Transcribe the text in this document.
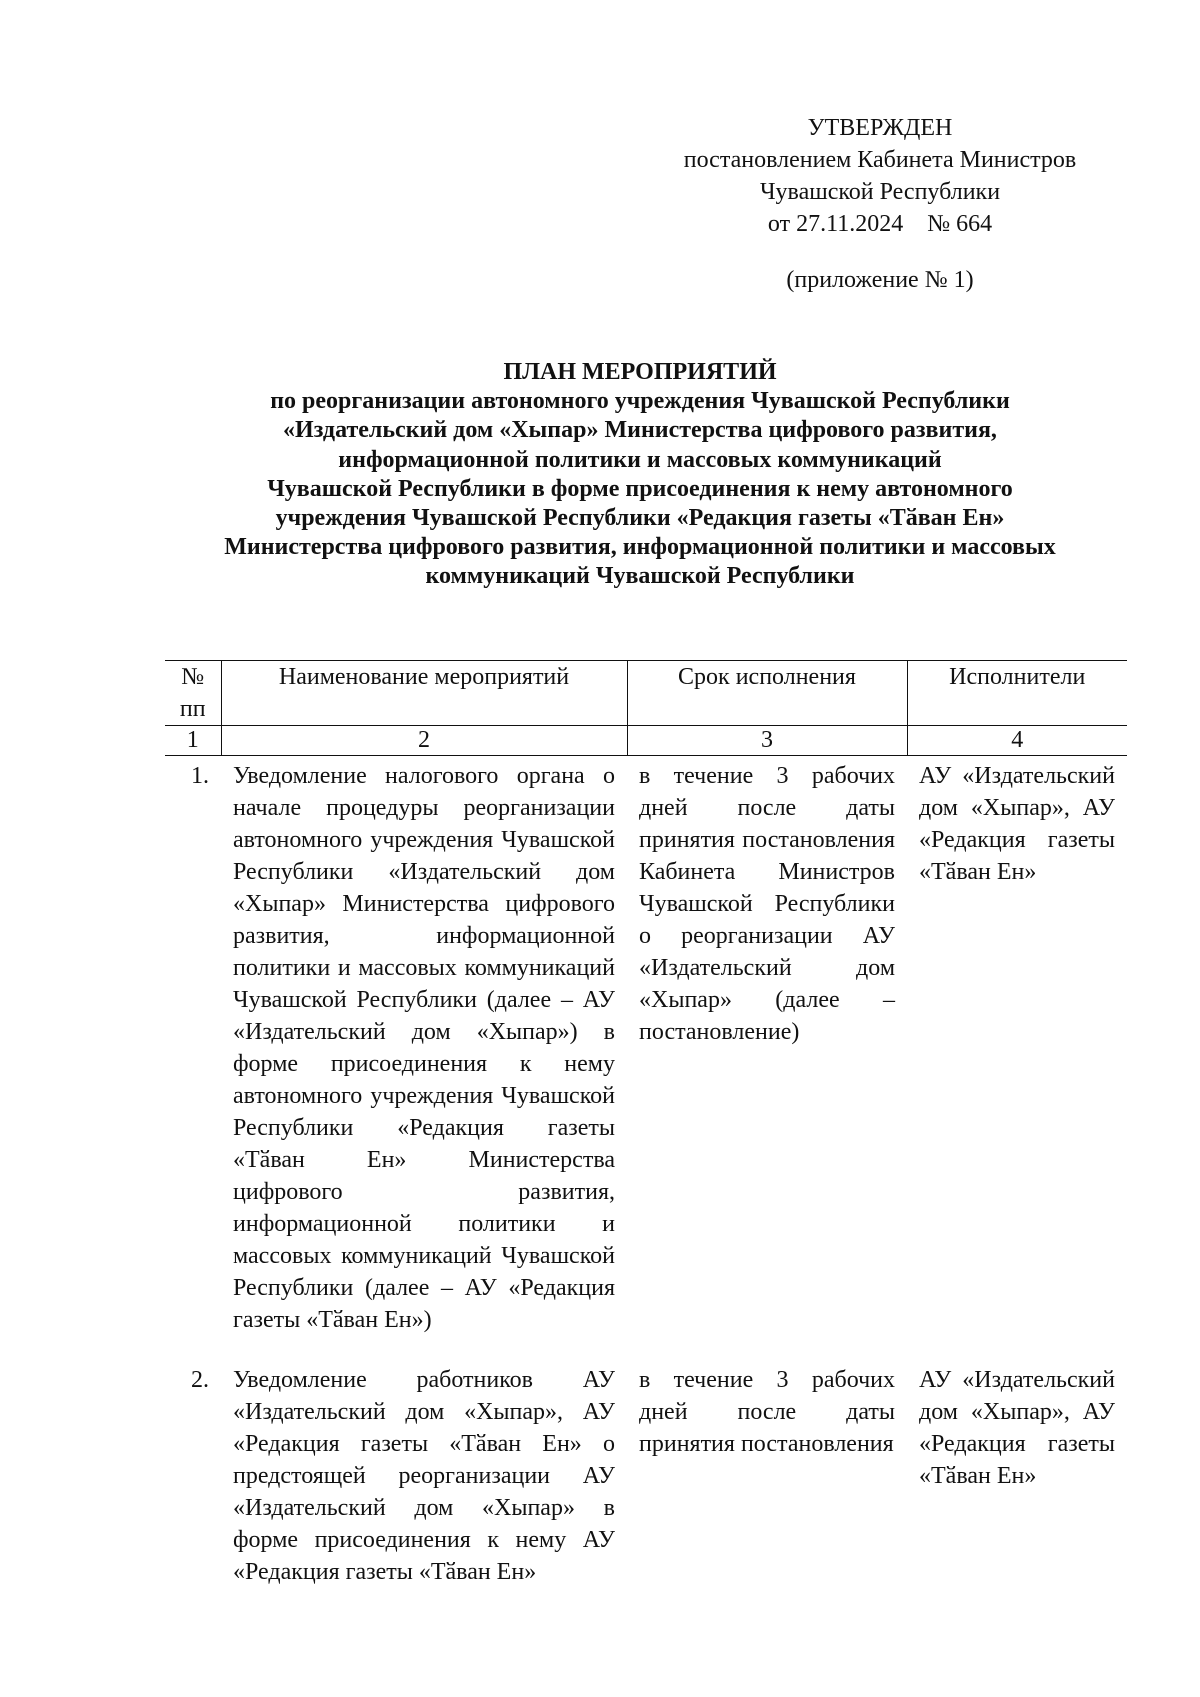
УТВЕРЖДЕН
постановлением Кабинета Министров
Чувашской Республики
от 27.11.2024    № 664
(приложение № 1)
ПЛАН МЕРОПРИЯТИЙ
по реорганизации автономного учреждения Чувашской Республики
«Издательский дом «Хыпар» Министерства цифрового развития,
информационной политики и массовых коммуникаций
Чувашской Республики в форме присоединения к нему автономного
учреждения Чувашской Республики «Редакция газеты «Тӑван Ен»
Министерства цифрового развития, информационной политики и массовых
коммуникаций Чувашской Республики
№ пп	Наименование мероприятий	Срок исполнения	Исполнители
1	2	3	4
1.	Уведомление налогового органа о начале процедуры реорганизации автономного учреждения Чувашской Республики «Издательский дом «Хыпар» Министерства цифрового развития, информационной политики и массовых коммуникаций Чувашской Республики (далее – АУ «Издательский дом «Хыпар») в форме присоединения к нему автономного учреждения Чувашской Республики «Редакция газеты «Тӑван Ен» Министерства цифрового развития, информационной политики и массовых коммуникаций Чувашской Республики (далее – АУ «Редакция газеты «Тӑван Ен»)	в течение 3 рабочих дней после даты принятия постановления Кабинета Министров Чувашской Республики о реорганизации АУ «Издательский дом «Хыпар» (далее – постановление)	АУ «Издательский дом «Хыпар», АУ «Редакция газеты «Тӑван Ен»
2.	Уведомление работников АУ «Издательский дом «Хыпар», АУ «Редакция газеты «Тӑван Ен» о предстоящей реорганизации АУ «Издательский дом «Хыпар» в форме присоединения к нему АУ «Редакция газеты «Тӑван Ен»	в течение 3 рабочих дней после даты принятия постановления	АУ «Издательский дом «Хыпар», АУ «Редакция газеты «Тӑван Ен»
